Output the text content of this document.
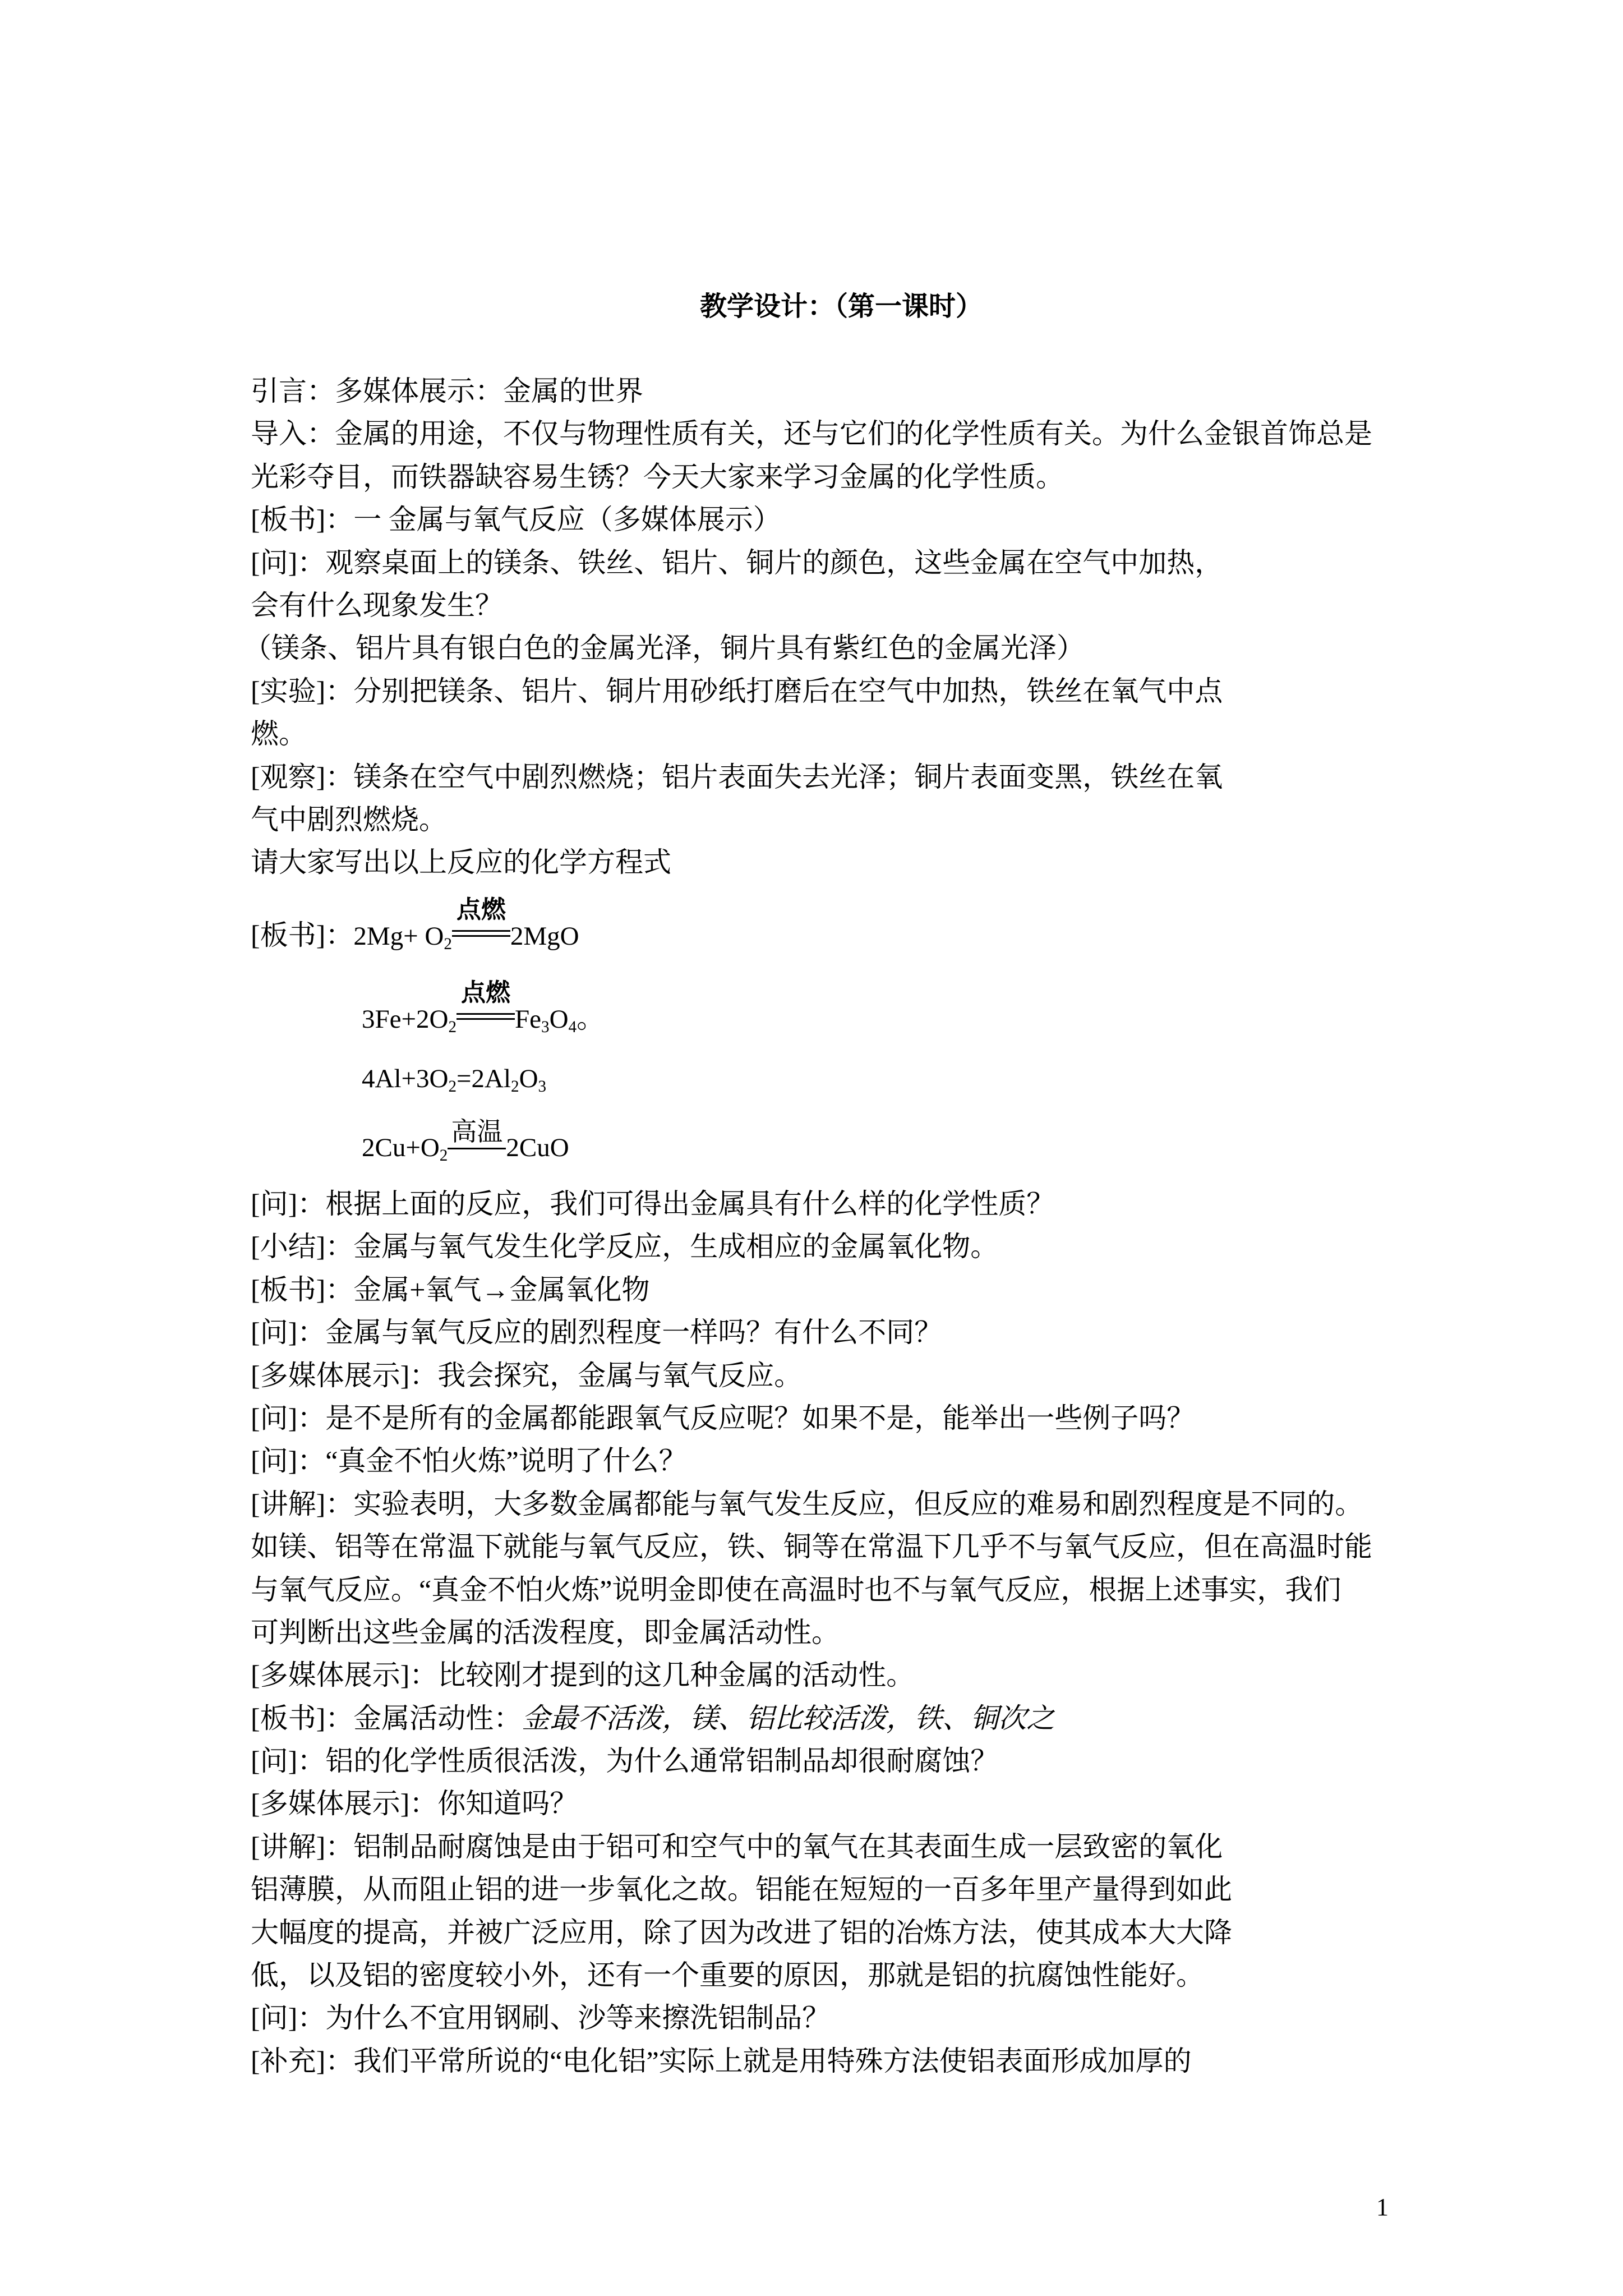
教学设计：（第一课时）
引言：多媒体展示：金属的世界
导入：金属的用途，不仅与物理性质有关，还与它们的化学性质有关。为什么金银首饰总是
光彩夺目，而铁器缺容易生锈？今天大家来学习金属的化学性质。
[板书]：一 金属与氧气反应（多媒体展示）
[问]：观察桌面上的镁条、铁丝、铝片、铜片的颜色，这些金属在空气中加热，
会有什么现象发生？
（镁条、铝片具有银白色的金属光泽，铜片具有紫红色的金属光泽）
[实验]：分别把镁条、铝片、铜片用砂纸打磨后在空气中加热，铁丝在氧气中点
燃。
[观察]：镁条在空气中剧烈燃烧；铝片表面失去光泽；铜片表面变黑，铁丝在氧
气中剧烈燃烧。
请大家写出以上反应的化学方程式
[板书]：$2Mg+ O_2$
点燃
2MgO
$3Fe+2O_2$
点燃
$Fe_3O_4$。
$4Al+3O_2=2Al_2O_3$
$2Cu+O_2$
高温
2CuO
[问]：根据上面的反应，我们可得出金属具有什么样的化学性质？
[小结]：金属与氧气发生化学反应，生成相应的金属氧化物。
[板书]：金属+氧气→金属氧化物
[问]：金属与氧气反应的剧烈程度一样吗？有什么不同？
[多媒体展示]：我会探究，金属与氧气反应。
[问]：是不是所有的金属都能跟氧气反应呢？如果不是，能举出一些例子吗？
[问]：“真金不怕火炼”说明了什么？
[讲解]：实验表明，大多数金属都能与氧气发生反应，但反应的难易和剧烈程度是不同的。
如镁、铝等在常温下就能与氧气反应，铁、铜等在常温下几乎不与氧气反应，但在高温时能
与氧气反应。“真金不怕火炼”说明金即使在高温时也不与氧气反应，根据上述事实，我们
可判断出这些金属的活泼程度，即金属活动性。
[多媒体展示]：比较刚才提到的这几种金属的活动性。
[板书]：金属活动性：金最不活泼，镁、铝比较活泼，铁、铜次之
[问]：铝的化学性质很活泼，为什么通常铝制品却很耐腐蚀？
[多媒体展示]：你知道吗？
[讲解]：铝制品耐腐蚀是由于铝可和空气中的氧气在其表面生成一层致密的氧化
铝薄膜，从而阻止铝的进一步氧化之故。铝能在短短的一百多年里产量得到如此
大幅度的提高，并被广泛应用，除了因为改进了铝的冶炼方法，使其成本大大降
低，以及铝的密度较小外，还有一个重要的原因，那就是铝的抗腐蚀性能好。
[问]：为什么不宜用钢刷、沙等来擦洗铝制品？
[补充]：我们平常所说的“电化铝”实际上就是用特殊方法使铝表面形成加厚的
1
